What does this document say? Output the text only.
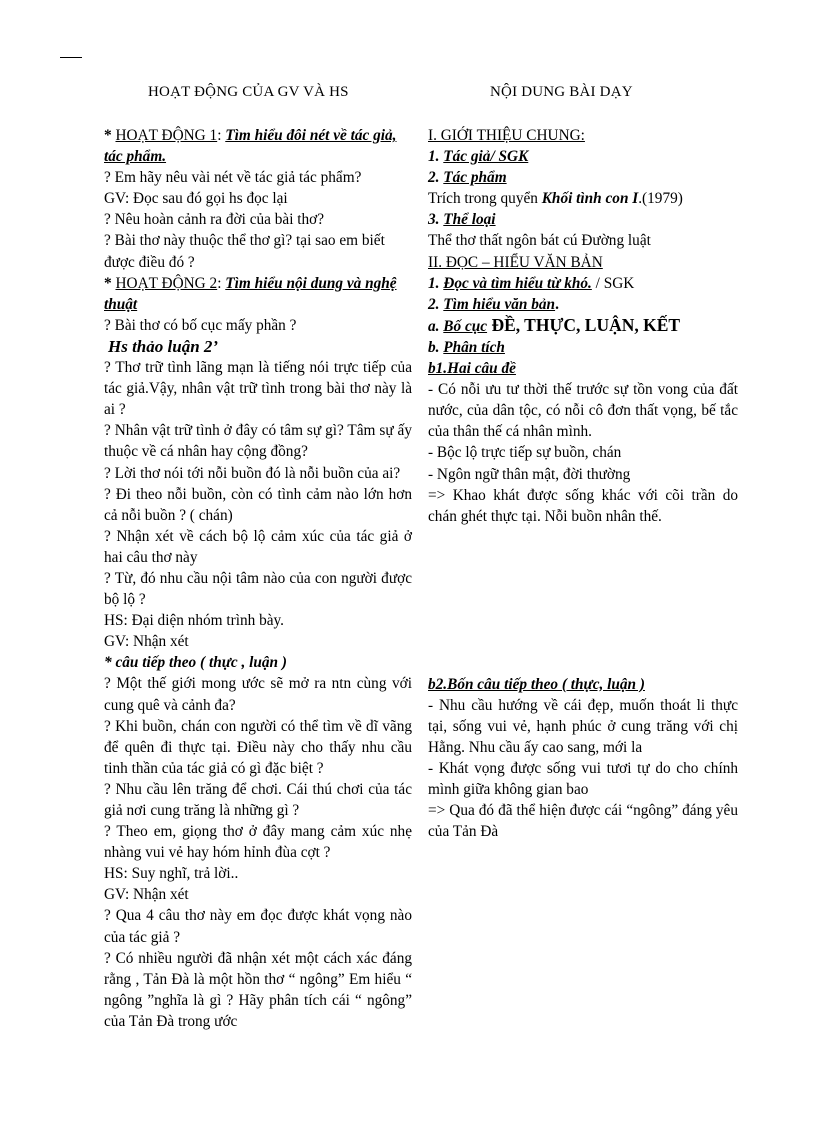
HOẠT ĐỘNG CỦA GV VÀ HS	NỘI DUNG BÀI DẠY

* HOẠT ĐỘNG 1: Tìm hiểu đôi nét về tác giả, tác phẩm.

? Em hãy nêu vài nét về tác giả tác phẩm?

GV: Đọc sau đó gọi hs đọc lại

? Nêu hoàn cảnh ra đời của bài thơ?

? Bài thơ này thuộc thể thơ gì? tại sao em biết được điều đó ?

* HOẠT ĐỘNG 2: Tìm hiểu nội dung và nghệ thuật

? Bài thơ có bố cục mấy phần ?

Hs thảo luận 2’

? Thơ trữ tình lãng mạn là tiếng nói trực tiếp của tác giả.Vậy, nhân vật trữ tình trong bài thơ này là ai ?

? Nhân vật trữ tình ở đây có tâm sự gì? Tâm sự ấy thuộc về cá nhân hay cộng đồng?

? Lời thơ nói tới nỗi buồn đó là nỗi buồn của ai?

? Đi theo nỗi buồn, còn có tình cảm nào lớn hơn cả nỗi buồn ? ( chán)

? Nhận xét về cách bộ lộ cảm xúc của tác giả ở hai câu thơ này

? Từ, đó nhu cầu nội tâm nào của con người được bộ lộ ?

HS: Đại diện nhóm trình bày.

GV: Nhận xét

* câu tiếp theo ( thực , luận )

? Một thế giới mong ước sẽ mở ra ntn cùng với cung quê và cảnh đa?

? Khi buồn, chán con người có thể tìm về dĩ vãng để quên đi thực tại. Điều này cho thấy nhu cầu tinh thần của tác giả có gì đặc biệt ?

? Nhu cầu lên trăng để chơi. Cái thú chơi của tác giả nơi cung trăng là những gì ?

? Theo em, giọng thơ ở đây mang cảm xúc nhẹ nhàng vui vẻ hay hóm hỉnh đùa cợt ?

HS: Suy nghĩ, trả lời..

GV: Nhận xét

? Qua 4 câu thơ này em đọc được khát vọng nào của tác giả ?

? Có nhiều người đã nhận xét một cách xác đáng rằng , Tản Đà là một hồn thơ “ ngông” Em hiểu “ ngông ”nghĩa là gì ? Hãy phân tích cái “ ngông” của Tản Đà trong ước

I. GIỚI THIỆU CHUNG:

1. Tác giả/ SGK

2. Tác phẩm

Trích trong quyển Khối tình con I.(1979)

3. Thể loại

Thể thơ thất ngôn bát cú Đường luật

II. ĐỌC – HIỂU VĂN BẢN

1. Đọc và tìm hiểu từ khó. / SGK

2. Tìm hiểu văn bản.

a. Bố cục ĐỀ, THỰC, LUẬN, KẾT

b. Phân tích

b1.Hai câu đề

- Có nỗi ưu tư thời thế trước sự tồn vong của đất nước, của dân tộc, có nỗi cô đơn thất vọng, bế tắc của thân thế cá nhân mình.

- Bộc lộ trực tiếp sự buồn, chán

- Ngôn ngữ thân mật, đời thường

=> Khao khát được sống khác với cõi trần do chán ghét thực tại. Nỗi buồn nhân thế.

b2.Bốn câu tiếp theo ( thực, luận )

- Nhu cầu hướng về cái đẹp, muốn thoát li thực tại, sống vui vẻ, hạnh phúc ở cung trăng với chị Hằng. Nhu cầu ấy cao sang, mới la

- Khát vọng được sống vui tươi tự do cho chính mình giữa không gian bao

=> Qua đó đã thể hiện được cái “ngông” đáng yêu của Tản Đà
